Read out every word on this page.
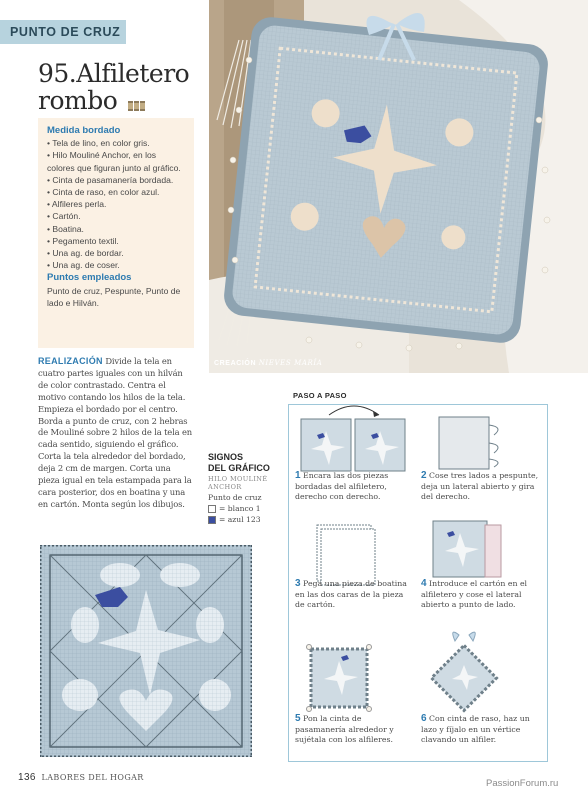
PUNTO DE CRUZ
95.Alfiletero
rombo
Medida bordado
• Tela de lino, en color gris.
• Hilo Mouliné Anchor, en los colores que figuran junto al gráfico.
• Cinta de pasamanería bordada.
• Cinta de raso, en color azul.
• Alfileres perla.
• Cartón.
• Boatina.
• Pegamento textil.
• Una ag. de bordar.
• Una ag. de coser.
Puntos empleados
Punto de cruz, Pespunte, Punto de lado e Hilván.
CREACIÓN NIEVES MARÍA
REALIZACIÓN Divide la tela en cuatro partes iguales con un hilván de color contrastado. Centra el motivo contando los hilos de la tela. Empieza el bordado por el centro. Borda a punto de cruz, con 2 hebras de Mouliné sobre 2 hilos de la tela en cada sentido, siguiendo el gráfico. Corta la tela alrededor del bordado, deja 2 cm de margen. Corta una pieza igual en tela estampada para la cara posterior, dos en boatina y una en cartón. Monta según los dibujos.
SIGNOS
DEL GRÁFICO
HILO MOULINÉ
ANCHOR
Punto de cruz
= blanco 1
= azul 123
PASO A PASO
1 Encara las dos piezas bordadas del alfiletero, derecho con derecho.
2 Cose tres lados a pespunte, deja un lateral abierto y gira del derecho.
3 Pega una pieza de boatina en las dos caras de la pieza de cartón.
4 Introduce el cartón en el alfiletero y cose el lateral abierto a punto de lado.
5 Pon la cinta de pasamanería alrededor y sujétala con los alfileres.
6 Con cinta de raso, haz un lazo y fíjalo en un vértice clavando un alfiler.
136 LABORES DEL HOGAR
PassionForum.ru
